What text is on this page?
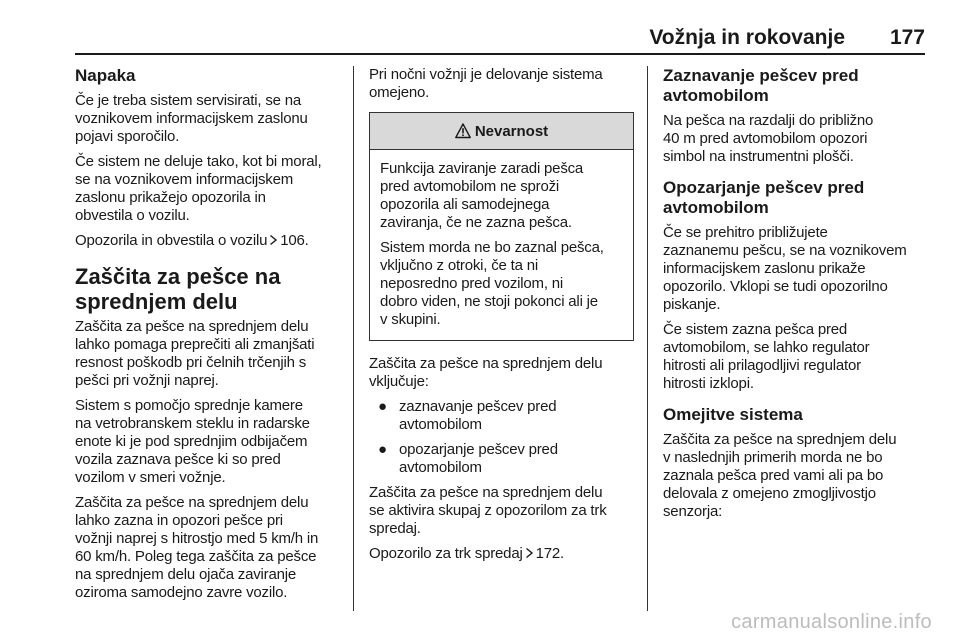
Vožnja in rokovanje 177
Napaka

Če je treba sistem servisirati, se na
voznikovem informacijskem zaslonu
pojavi sporočilo.

Če sistem ne deluje tako, kot bi moral,
se na voznikovem informacijskem
zaslonu prikažejo opozorila in
obvestila o vozilu.

Opozorila in obvestila o vozilu 106.

Zaščita za pešce na
sprednjem delu

Zaščita za pešce na sprednjem delu
lahko pomaga preprečiti ali zmanjšati
resnost poškodb pri čelnih trčenjih s
pešci pri vožnji naprej.

Sistem s pomočjo sprednje kamere
na vetrobranskem steklu in radarske
enote ki je pod sprednjim odbijačem
vozila zaznava pešce ki so pred
vozilom v smeri vožnje.

Zaščita za pešce na sprednjem delu
lahko zazna in opozori pešce pri
vožnji naprej s hitrostjo med 5 km/h in
60 km/h. Poleg tega zaščita za pešce
na sprednjem delu ojača zaviranje
oziroma samodejno zavre vozilo.

Pri nočni vožnji je delovanje sistema
omejeno.

Nevarnost

Funkcija zaviranje zaradi pešca
pred avtomobilom ne sproži
opozorila ali samodejnega
zaviranja, če ne zazna pešca.

Sistem morda ne bo zaznal pešca,
vključno z otroki, če ta ni
neposredno pred vozilom, ni
dobro viden, ne stoji pokonci ali je
v skupini.

Zaščita za pešce na sprednjem delu
vključuje:

● zaznavanje pešcev pred
avtomobilom
● opozarjanje pešcev pred
avtomobilom

Zaščita za pešce na sprednjem delu
se aktivira skupaj z opozorilom za trk
spredaj.

Opozorilo za trk spredaj 172.

Zaznavanje pešcev pred
avtomobilom

Na pešca na razdalji do približno
40 m pred avtomobilom opozori
simbol na instrumentni plošči.

Opozarjanje pešcev pred
avtomobilom

Če se prehitro približujete
zaznanemu pešcu, se na voznikovem
informacijskem zaslonu prikaže
opozorilo. Vklopi se tudi opozorilno
piskanje.

Če sistem zazna pešca pred
avtomobilom, se lahko regulator
hitrosti ali prilagodljivi regulator
hitrosti izklopi.

Omejitve sistema

Zaščita za pešce na sprednjem delu
v naslednjih primerih morda ne bo
zaznala pešca pred vami ali pa bo
delovala z omejeno zmogljivostjo
senzorja:

carmanualsonline.info
